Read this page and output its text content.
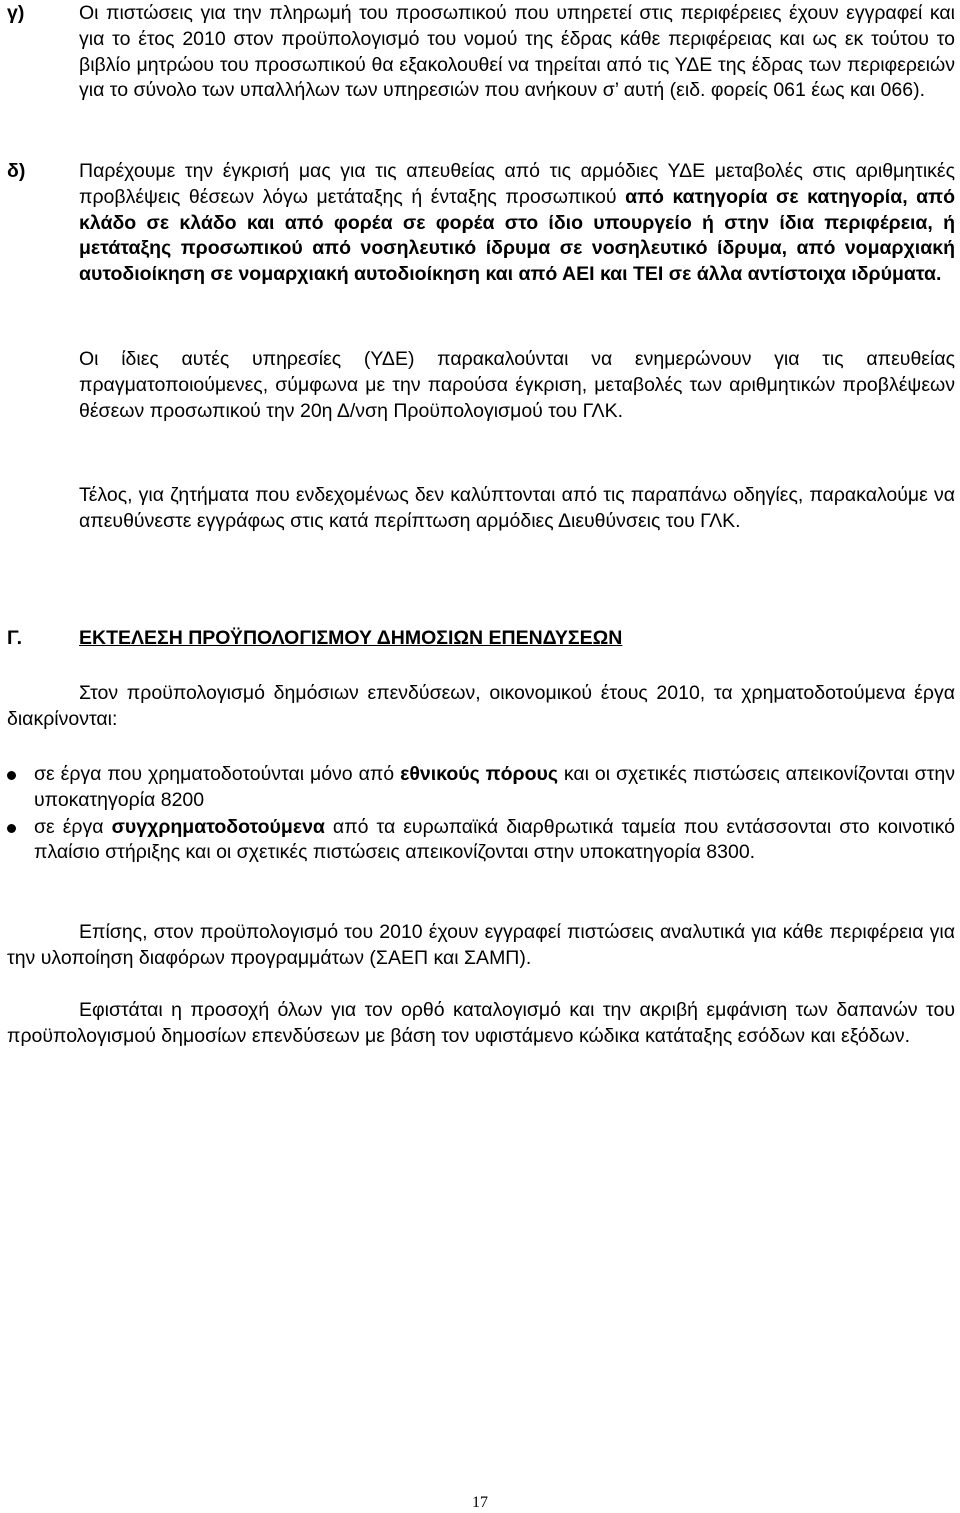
γ)	Οι πιστώσεις για την πληρωμή του προσωπικού που υπηρετεί στις περιφέρειες έχουν εγγραφεί και για το έτος 2010 στον προϋπολογισμό του νομού της έδρας κάθε περιφέρειας και ως εκ τούτου το βιβλίο μητρώου του προσωπικού θα εξακολουθεί να τηρείται από τις ΥΔΕ της έδρας των περιφερειών για το σύνολο των υπαλλήλων των υπηρεσιών που ανήκουν σ’ αυτή (ειδ. φορείς 061 έως και 066).
δ)	Παρέχουμε την έγκρισή μας για τις απευθείας από τις αρμόδιες ΥΔΕ μεταβολές στις αριθμητικές προβλέψεις θέσεων λόγω μετάταξης ή ένταξης προσωπικού από κατηγορία σε κατηγορία, από κλάδο σε κλάδο και από φορέα σε φορέα στο ίδιο υπουργείο ή στην ίδια περιφέρεια, ή μετάταξης προσωπικού από νοσηλευτικό ίδρυμα σε νοσηλευτικό ίδρυμα, από νομαρχιακή αυτοδιοίκηση σε νομαρχιακή αυτοδιοίκηση και από ΑΕΙ και ΤΕΙ σε άλλα αντίστοιχα ιδρύματα.
Οι ίδιες αυτές υπηρεσίες (ΥΔΕ) παρακαλούνται να ενημερώνουν για τις απευθείας πραγματοποιούμενες, σύμφωνα με την παρούσα έγκριση, μεταβολές των αριθμητικών προβλέψεων θέσεων προσωπικού την 20η Δ/νση Προϋπολογισμού του ΓΛΚ.
Τέλος, για ζητήματα που ενδεχομένως δεν καλύπτονται από τις παραπάνω οδηγίες, παρακαλούμε να απευθύνεστε εγγράφως στις κατά περίπτωση αρμόδιες Διευθύνσεις του ΓΛΚ.
Γ.	ΕΚΤΕΛΕΣΗ ΠΡΟΫΠΟΛΟΓΙΣΜΟΥ ΔΗΜΟΣΙΩΝ ΕΠΕΝΔΥΣΕΩΝ
Στον προϋπολογισμό δημόσιων επενδύσεων, οικονομικού έτους 2010, τα χρηματοδοτούμενα έργα διακρίνονται:
σε έργα που χρηματοδοτούνται μόνο από εθνικούς πόρους και οι σχετικές πιστώσεις απεικονίζονται στην υποκατηγορία 8200
σε έργα συγχρηματοδοτούμενα από τα ευρωπαϊκά διαρθρωτικά ταμεία που εντάσσονται στο κοινοτικό πλαίσιο στήριξης και οι σχετικές πιστώσεις απεικονίζονται στην υποκατηγορία 8300.
Επίσης, στον προϋπολογισμό του 2010 έχουν εγγραφεί πιστώσεις αναλυτικά για κάθε περιφέρεια για την υλοποίηση διαφόρων προγραμμάτων (ΣΑΕΠ και ΣΑΜΠ).
Εφιστάται η προσοχή όλων για τον ορθό καταλογισμό και την ακριβή εμφάνιση των δαπανών του προϋπολογισμού δημοσίων επενδύσεων με βάση τον υφιστάμενο κώδικα κατάταξης εσόδων και εξόδων.
17
